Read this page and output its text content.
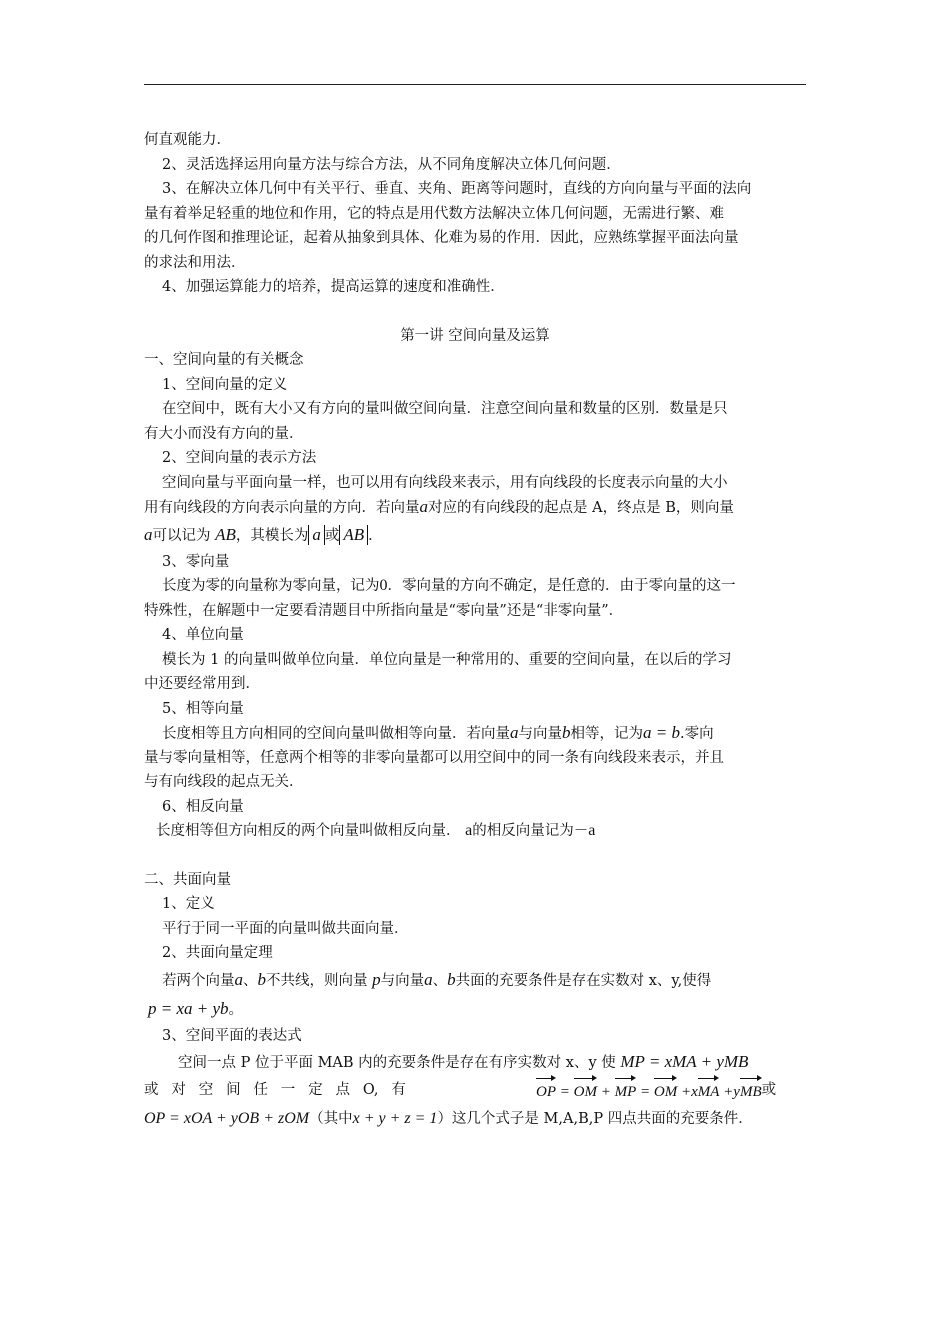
何直观能力．
2、灵活选择运用向量方法与综合方法，从不同角度解决立体几何问题．
3、在解决立体几何中有关平行、垂直、夹角、距离等问题时，直线的方向向量与平面的法向
量有着举足轻重的地位和作用，它的特点是用代数方法解决立体几何问题，无需进行繁、难
的几何作图和推理论证，起着从抽象到具体、化难为易的作用．因此，应熟练掌握平面法向量
的求法和用法．
4、加强运算能力的培养，提高运算的速度和准确性．
第一讲 空间向量及运算
一、空间向量的有关概念
1、空间向量的定义
在空间中，既有大小又有方向的量叫做空间向量．注意空间向量和数量的区别．数量是只
有大小而没有方向的量．
2、空间向量的表示方法
空间向量与平面向量一样，也可以用有向线段来表示，用有向线段的长度表示向量的大小
用有向线段的方向表示向量的方向．若向量a对应的有向线段的起点是 A，终点是 B，则向量
a可以记为 AB，其模长为 a 或 AB ．
3、零向量
长度为零的向量称为零向量，记为0．零向量的方向不确定，是任意的．由于零向量的这一
特殊性，在解题中一定要看清题目中所指向量是“零向量”还是“非零向量”．
4、单位向量
模长为 1 的向量叫做单位向量．单位向量是一种常用的、重要的空间向量，在以后的学习
中还要经常用到．
5、相等向量
长度相等且方向相同的空间向量叫做相等向量．若向量a与向量b相等，记为a = b.零向
量与零向量相等，任意两个相等的非零向量都可以用空间中的同一条有向线段来表示，并且
与有向线段的起点无关．
6、相反向量
长度相等但方向相反的两个向量叫做相反向量． a的相反向量记为－a
二、共面向量
1、定义
平行于同一平面的向量叫做共面向量．
2、共面向量定理
若两个向量a、b不共线，则向量 p与向量a、b共面的充要条件是存在实数对 x、y,使得
p = xa + yb。
3、空间平面的表达式
空间一点 P 位于平面 MAB 内的充要条件是存在有序实数对 x、y 使 MP = xMA + yMB
或 对 空 间 任 一 定 点 O, 有	OP = OM + MP = OM +xMA +yMB 或
OP = xOA + yOB + zOM（其中x + y + z = 1）这几个式子是 M,A,B,P 四点共面的充要条件．
